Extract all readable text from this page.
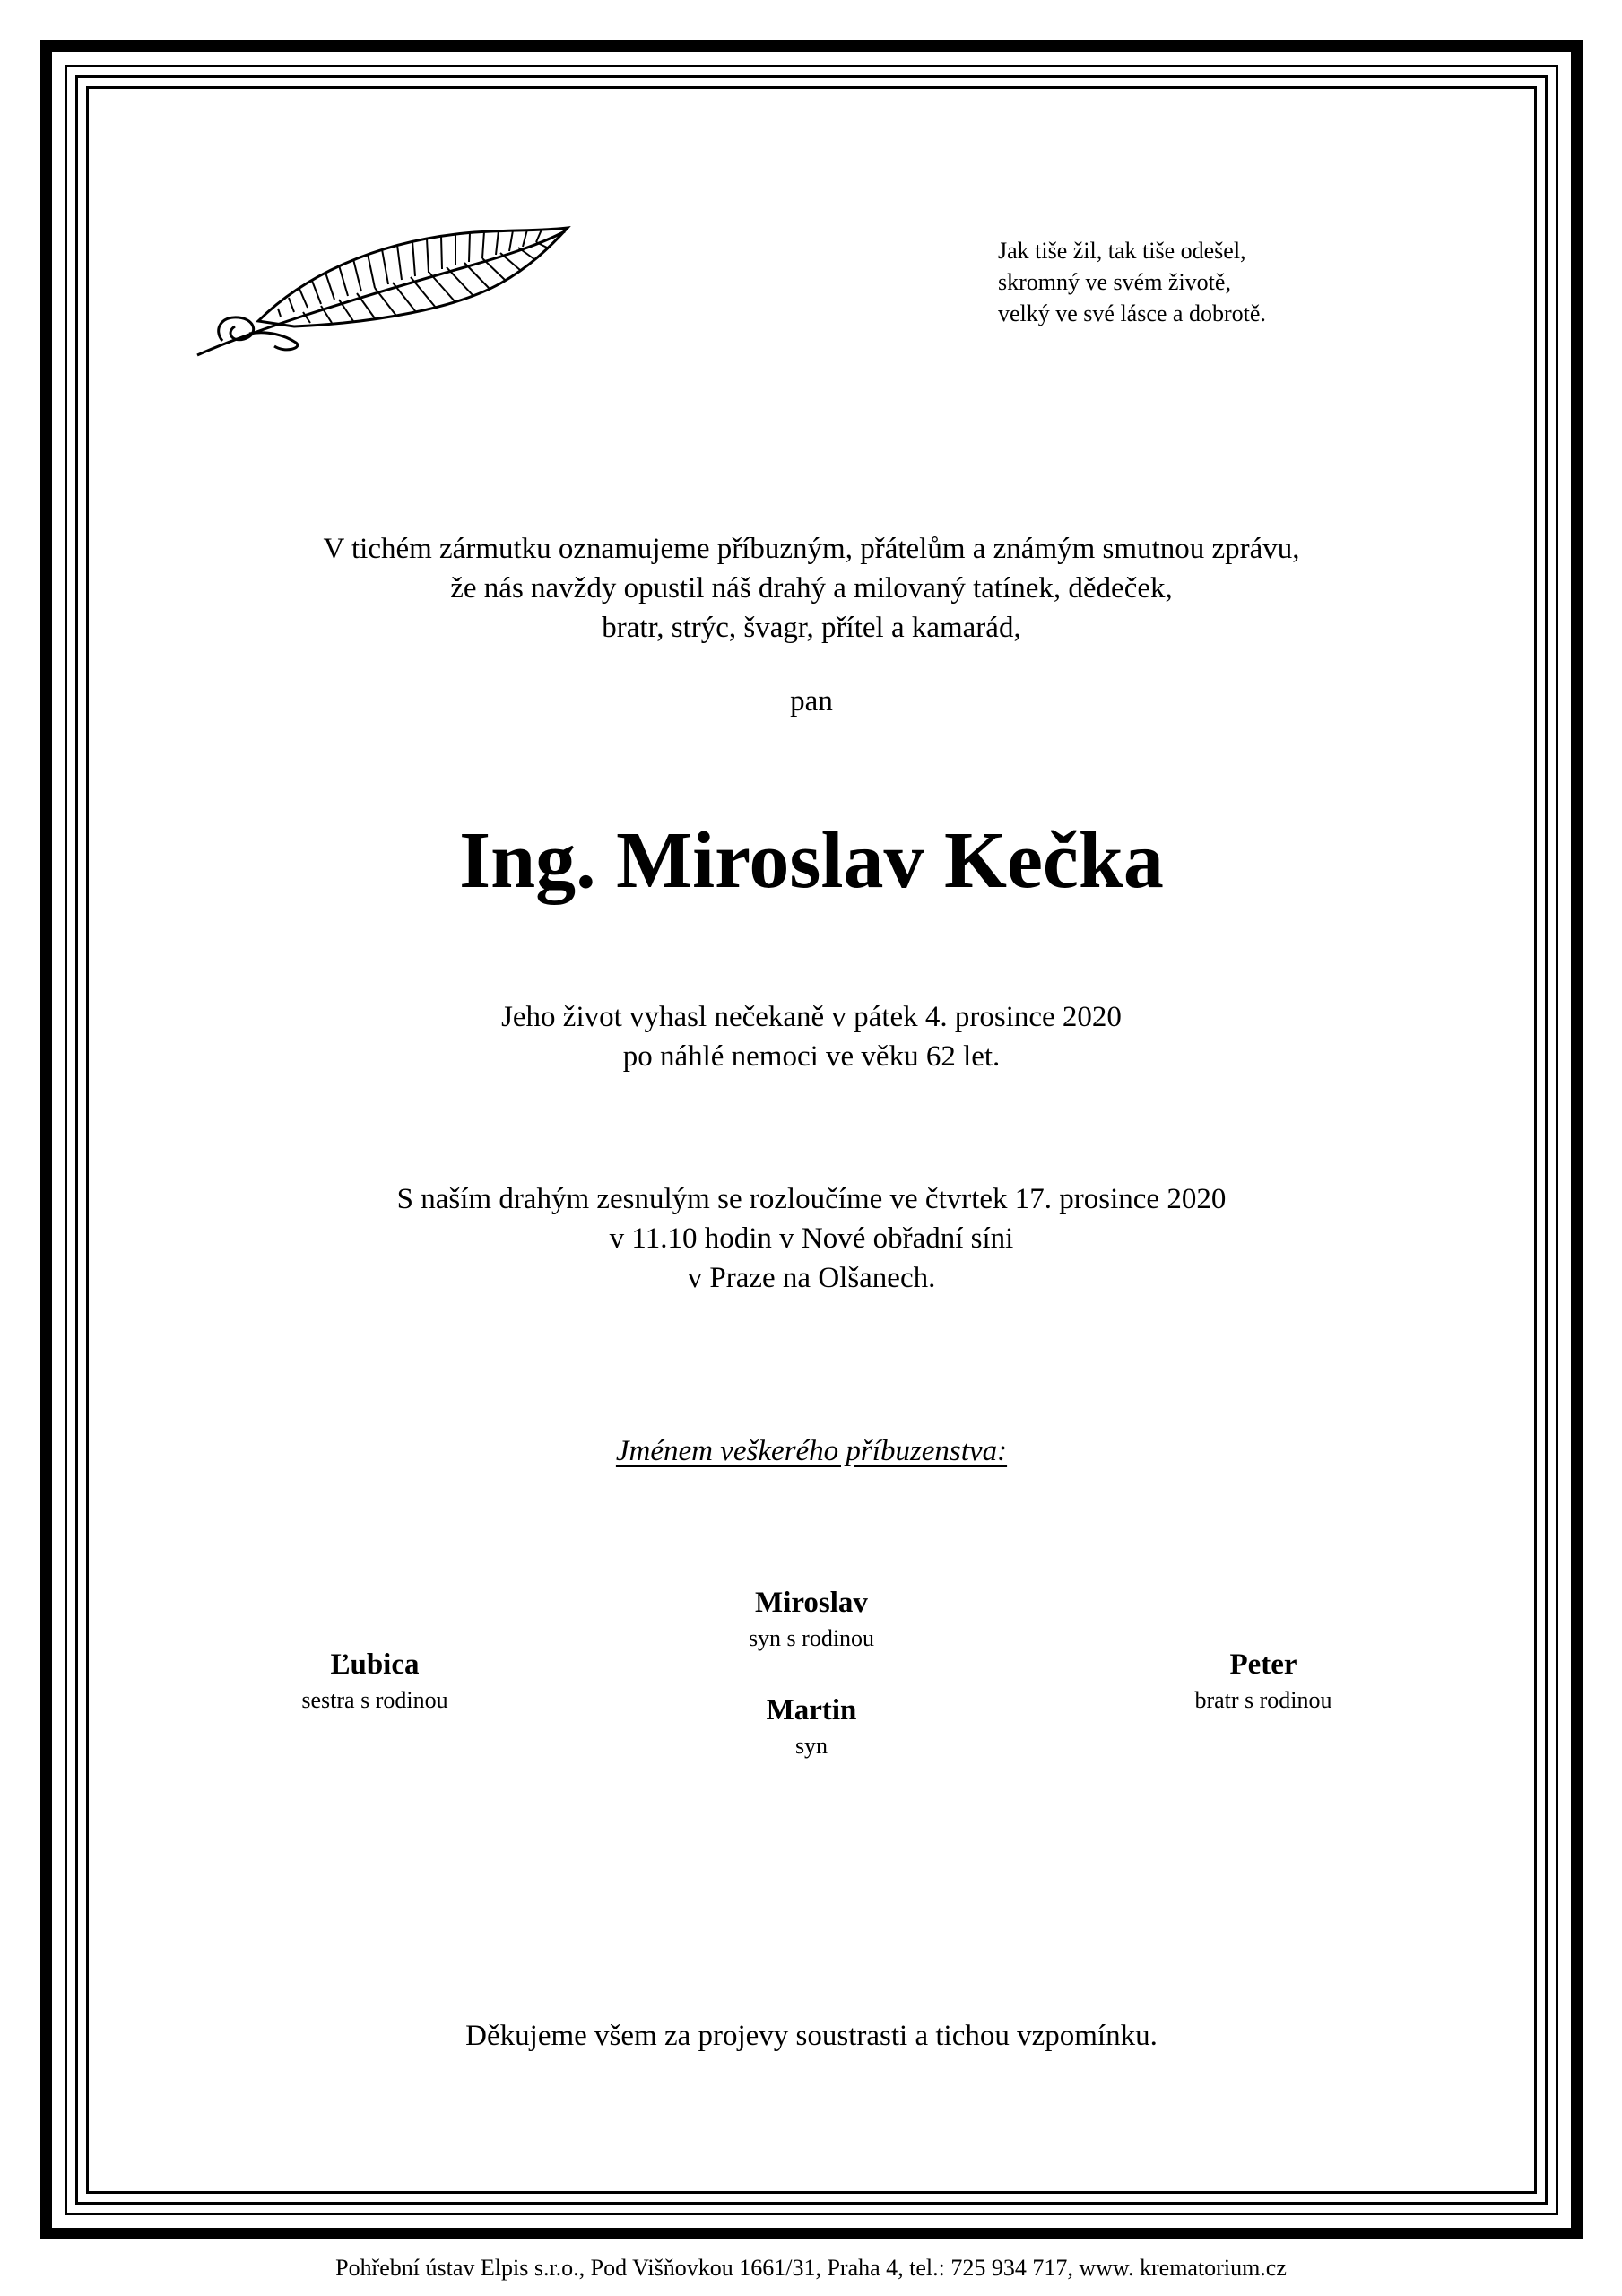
Jak tiše žil, tak tiše odešel,
skromný ve svém životě,
velký ve své lásce a dobrotě.
V tichém zármutku oznamujeme příbuzným, přátelům a známým smutnou zprávu,
že nás navždy opustil náš drahý a milovaný tatínek, dědeček,
bratr, strýc, švagr, přítel a kamarád,
pan
Ing. Miroslav Kečka
Jeho život vyhasl nečekaně v pátek 4. prosince 2020
po náhlé nemoci ve věku 62 let.
S naším drahým zesnulým se rozloučíme ve čtvrtek 17. prosince 2020
v 11.10 hodin v Nové obřadní síni
v Praze na Olšanech.
Jménem veškerého příbuzenstva:
Miroslav
syn s rodinou
Martin
syn
Ľubica
sestra s rodinou
Peter
bratr s rodinou
Děkujeme všem za projevy soustrasti a tichou vzpomínku.
Pohřební ústav Elpis s.r.o., Pod Višňovkou 1661/31, Praha 4, tel.: 725 934 717, www. krematorium.cz
